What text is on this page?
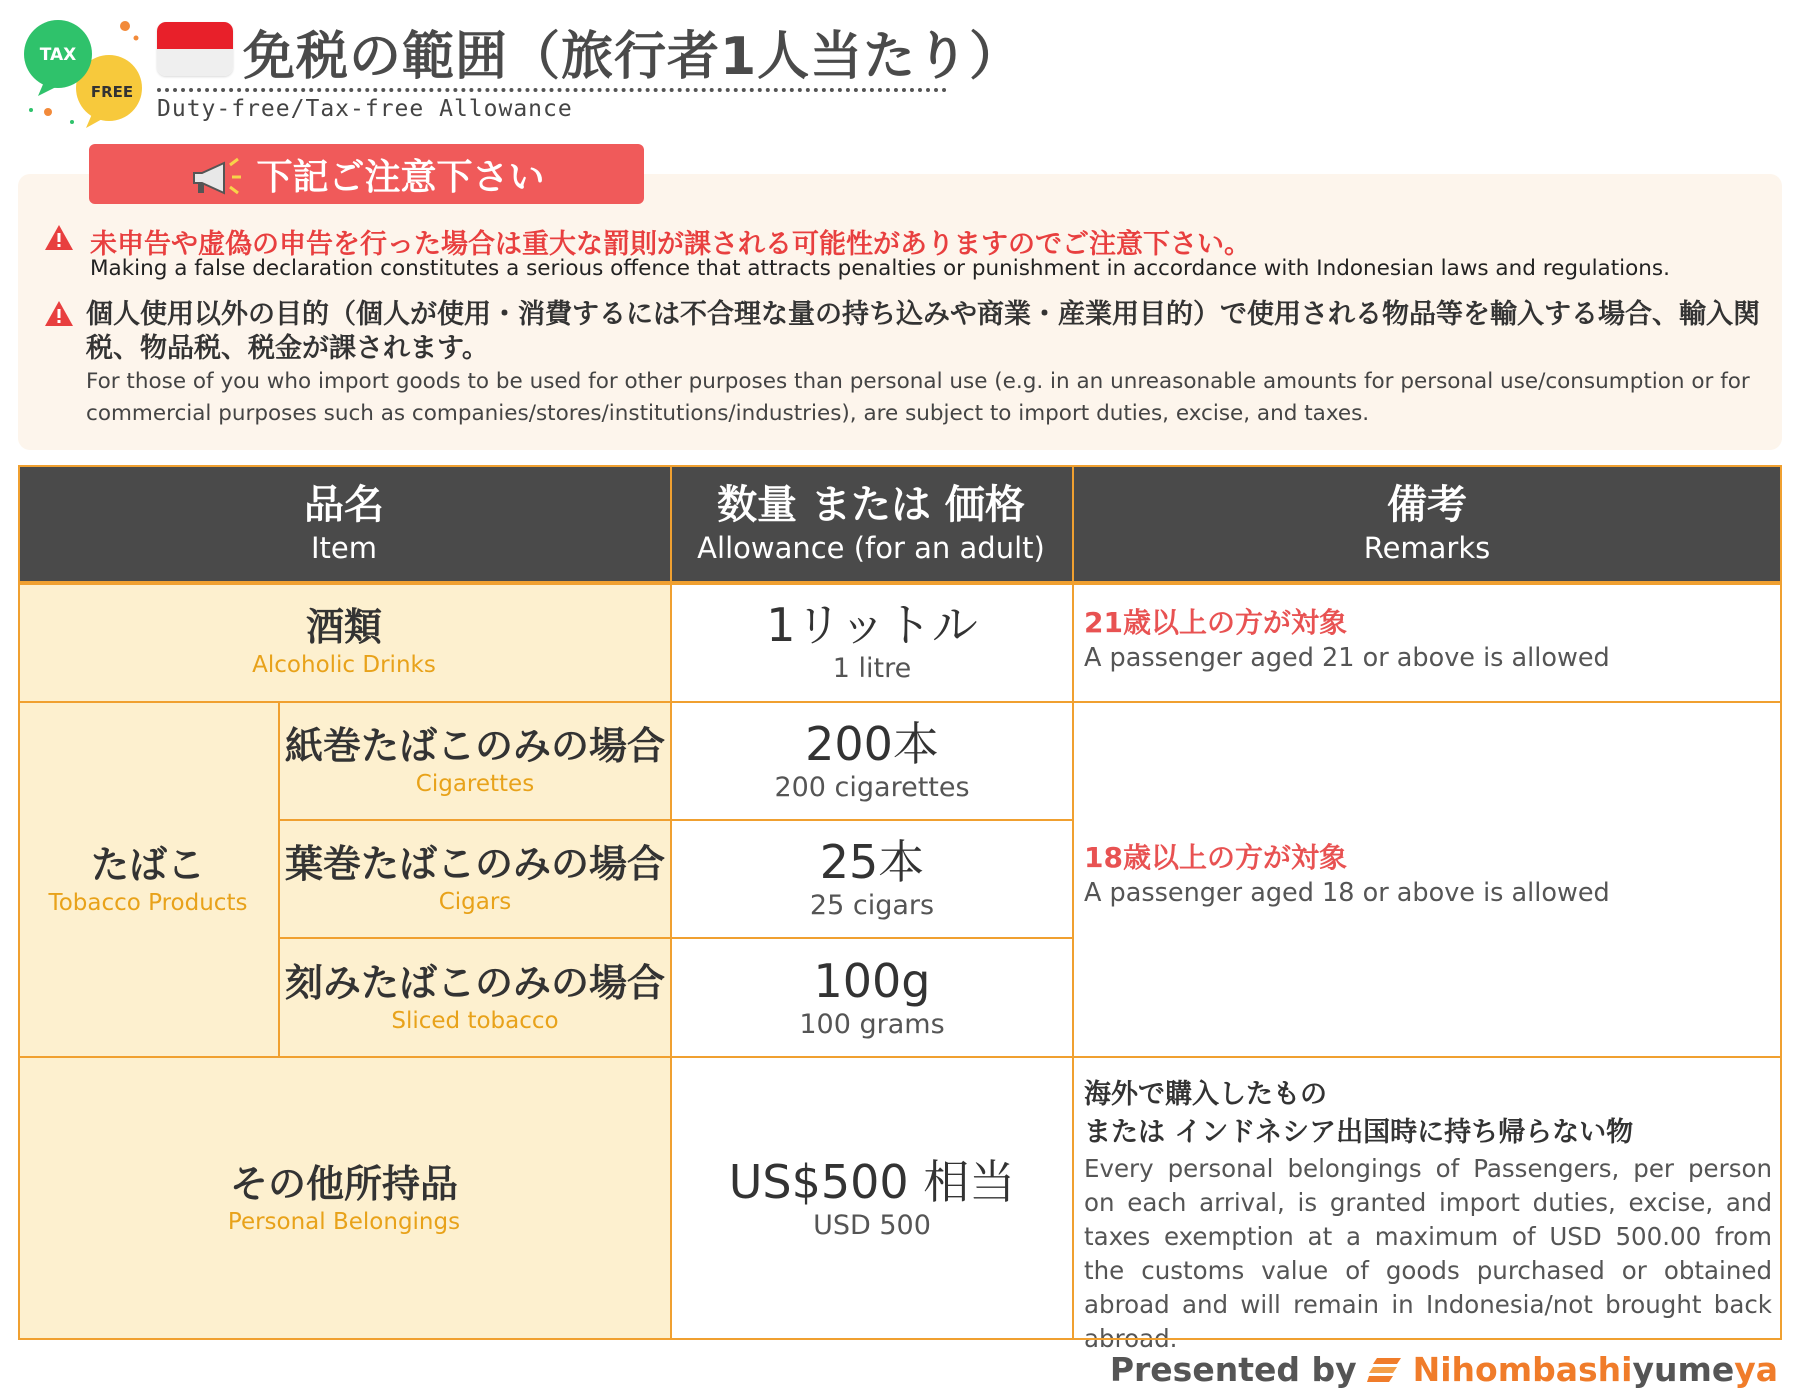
TAX
FREE
免税の範囲（旅行者1人当たり）
Duty-free/Tax-free Allowance
下記ご注意下さい
未申告や虚偽の申告を行った場合は重大な罰則が課される可能性がありますのでご注意下さい。
Making a false declaration constitutes a serious offence that attracts penalties or punishment in accordance with Indonesian laws and regulations.
個人使用以外の目的（個人が使用・消費するには不合理な量の持ち込みや商業・産業用目的）で使用される物品等を輸入する場合、輸入関税、物品税、税金が課されます。
For those of you who import goods to be used for other purposes than personal use (e.g. in an unreasonable amounts for personal use/consumption or for commercial purposes such as companies/stores/institutions/industries), are subject to import duties, excise, and taxes.
品名
Item
数量 または 価格
Allowance (for an adult)
備考
Remarks
酒類
Alcoholic Drinks
1リットル
1 litre
21歳以上の方が対象
A passenger aged 21 or above is allowed
たばこ
Tobacco Products
紙巻たばこのみの場合
Cigarettes
200本
200 cigarettes
葉巻たばこのみの場合
Cigars
25本
25 cigars
刻みたばこのみの場合
Sliced tobacco
100g
100 grams
18歳以上の方が対象
A passenger aged 18 or above is allowed
その他所持品
Personal Belongings
US$500 相当
USD 500
海外で購入したもの
または インドネシア出国時に持ち帰らない物
Every personal belongings of Passengers, per person on each arrival, is granted import duties, excise, and taxes exemption at a maximum of USD 500.00 from the customs value of goods purchased or obtained abroad and will remain in Indonesia/not brought back abroad.
Presented by Nihombashiyumeya
